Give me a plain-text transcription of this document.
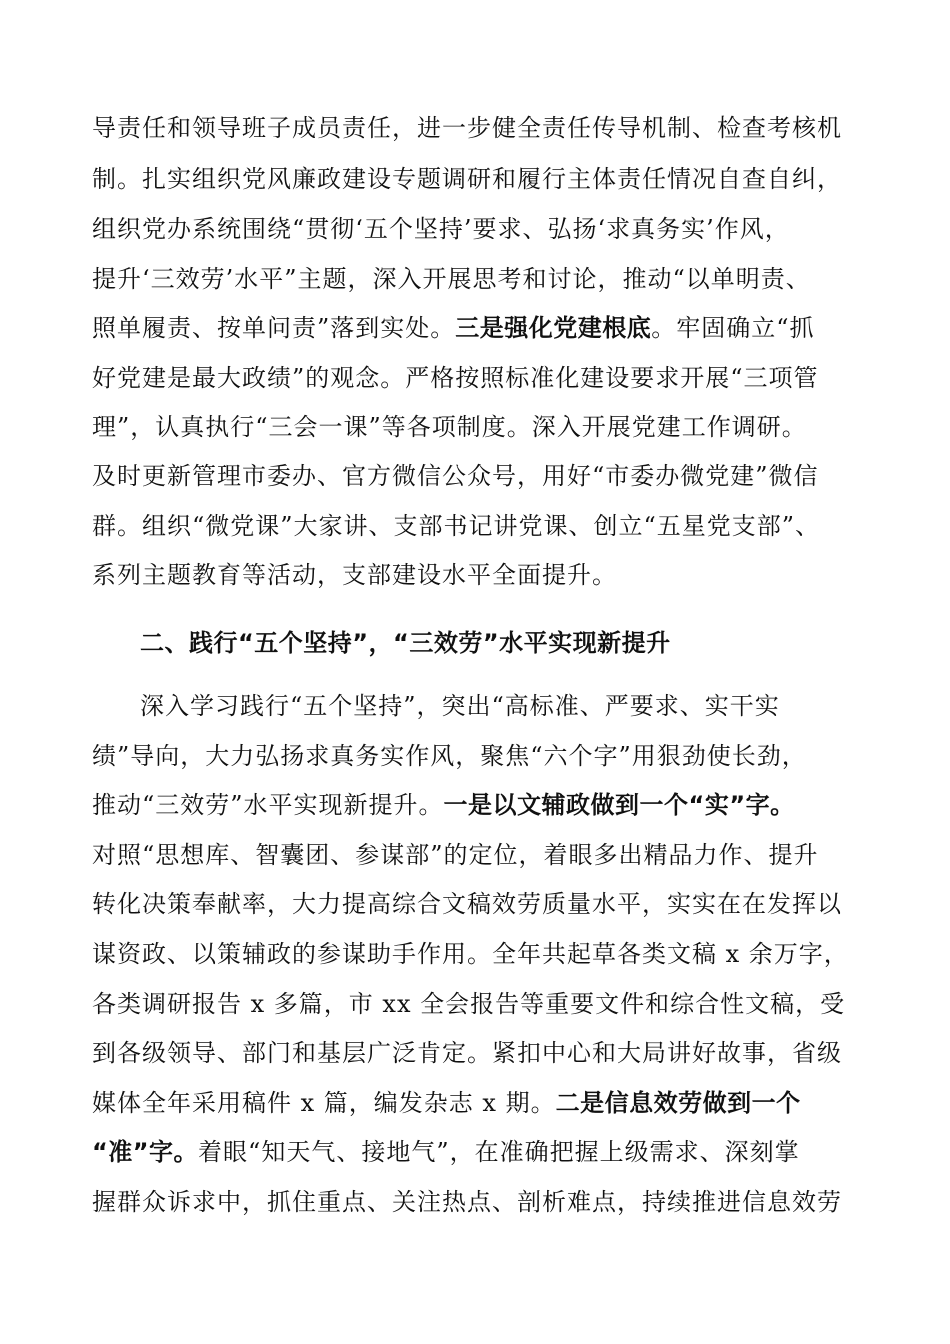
导责任和领导班子成员责任，进一步健全责任传导机制、检查考核机
制。扎实组织党风廉政建设专题调研和履行主体责任情况自查自纠，
组织党办系统围绕“贯彻‘五个坚持’要求、弘扬‘求真务实’作风，
提升‘三效劳’水平”主题，深入开展思考和讨论，推动“以单明责、
照单履责、按单问责”落到实处。三是强化党建根底。牢固确立“抓
好党建是最大政绩”的观念。严格按照标准化建设要求开展“三项管
理”，认真执行“三会一课”等各项制度。深入开展党建工作调研。
及时更新管理市委办、官方微信公众号，用好“市委办微党建”微信
群。组织“微党课”大家讲、支部书记讲党课、创立“五星党支部”、
系列主题教育等活动，支部建设水平全面提升。
二、践行“五个坚持”，“三效劳”水平实现新提升
深入学习践行“五个坚持”，突出“高标准、严要求、实干实
绩”导向，大力弘扬求真务实作风，聚焦“六个字”用狠劲使长劲，
推动“三效劳”水平实现新提升。一是以文辅政做到一个“实”字。
对照“思想库、智囊团、参谋部”的定位，着眼多出精品力作、提升
转化决策奉献率，大力提高综合文稿效劳质量水平，实实在在发挥以
谋资政、以策辅政的参谋助手作用。全年共起草各类文稿 x 余万字，
各类调研报告 x 多篇，市 xx 全会报告等重要文件和综合性文稿，受
到各级领导、部门和基层广泛肯定。紧扣中心和大局讲好故事，省级
媒体全年采用稿件 x 篇，编发杂志 x 期。二是信息效劳做到一个
“准”字。着眼“知天气、接地气”，在准确把握上级需求、深刻掌
握群众诉求中，抓住重点、关注热点、剖析难点，持续推进信息效劳
